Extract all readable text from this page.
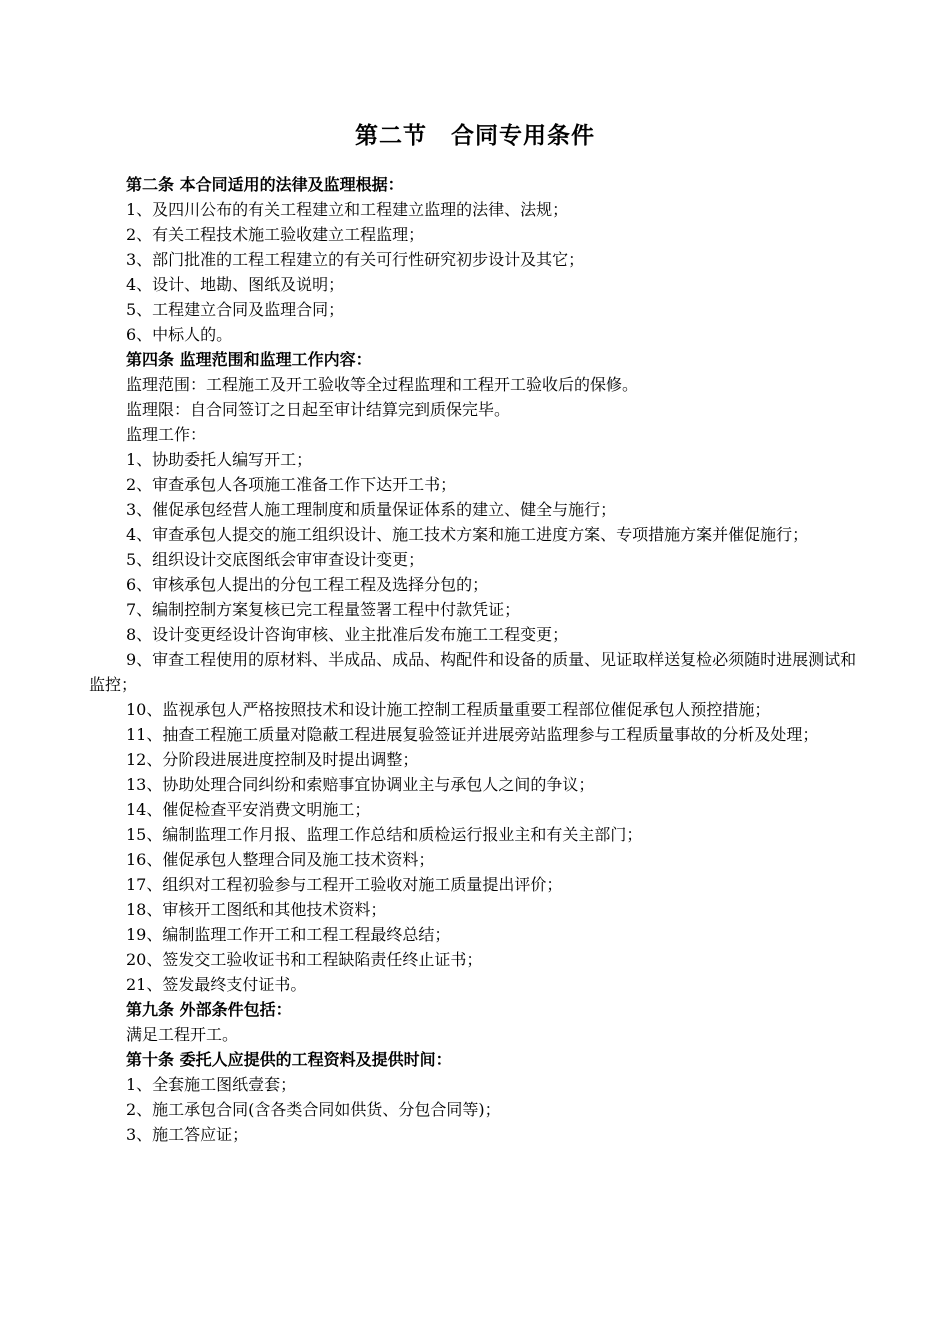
第二节　合同专用条件

第二条 本合同适用的法律及监理根据：

1、及四川公布的有关工程建立和工程建立监理的法律、法规；

2、有关工程技术施工验收建立工程监理；

3、部门批准的工程工程建立的有关可行性研究初步设计及其它；

4、设计、地勘、图纸及说明；

5、工程建立合同及监理合同；

6、中标人的。

第四条 监理范围和监理工作内容：

监理范围：工程施工及开工验收等全过程监理和工程开工验收后的保修。

监理限：自合同签订之日起至审计结算完到质保完毕。

监理工作：

1、协助委托人编写开工；

2、审查承包人各项施工准备工作下达开工书；

3、催促承包经营人施工理制度和质量保证体系的建立、健全与施行；

4、审查承包人提交的施工组织设计、施工技术方案和施工进度方案、专项措施方案并催促施行；

5、组织设计交底图纸会审审查设计变更；

6、审核承包人提出的分包工程工程及选择分包的；

7、编制控制方案复核已完工程量签署工程中付款凭证；

8、设计变更经设计咨询审核、业主批准后发布施工工程变更；

9、审查工程使用的原材料、半成品、成品、构配件和设备的质量、见证取样送复检必须随时进展测试和监控；

10、监视承包人严格按照技术和设计施工控制工程质量重要工程部位催促承包人预控措施；

11、抽查工程施工质量对隐蔽工程进展复验签证并进展旁站监理参与工程质量事故的分析及处理；

12、分阶段进展进度控制及时提出调整；

13、协助处理合同纠纷和索赔事宜协调业主与承包人之间的争议；

14、催促检查平安消费文明施工；

15、编制监理工作月报、监理工作总结和质检运行报业主和有关主部门；

16、催促承包人整理合同及施工技术资料；

17、组织对工程初验参与工程开工验收对施工质量提出评价；

18、审核开工图纸和其他技术资料；

19、编制监理工作开工和工程工程最终总结；

20、签发交工验收证书和工程缺陷责任终止证书；

21、签发最终支付证书。

第九条 外部条件包括：

满足工程开工。

第十条 委托人应提供的工程资料及提供时间：

1、全套施工图纸壹套；

2、施工承包合同(含各类合同如供货、分包合同等)；

3、施工答应证；
